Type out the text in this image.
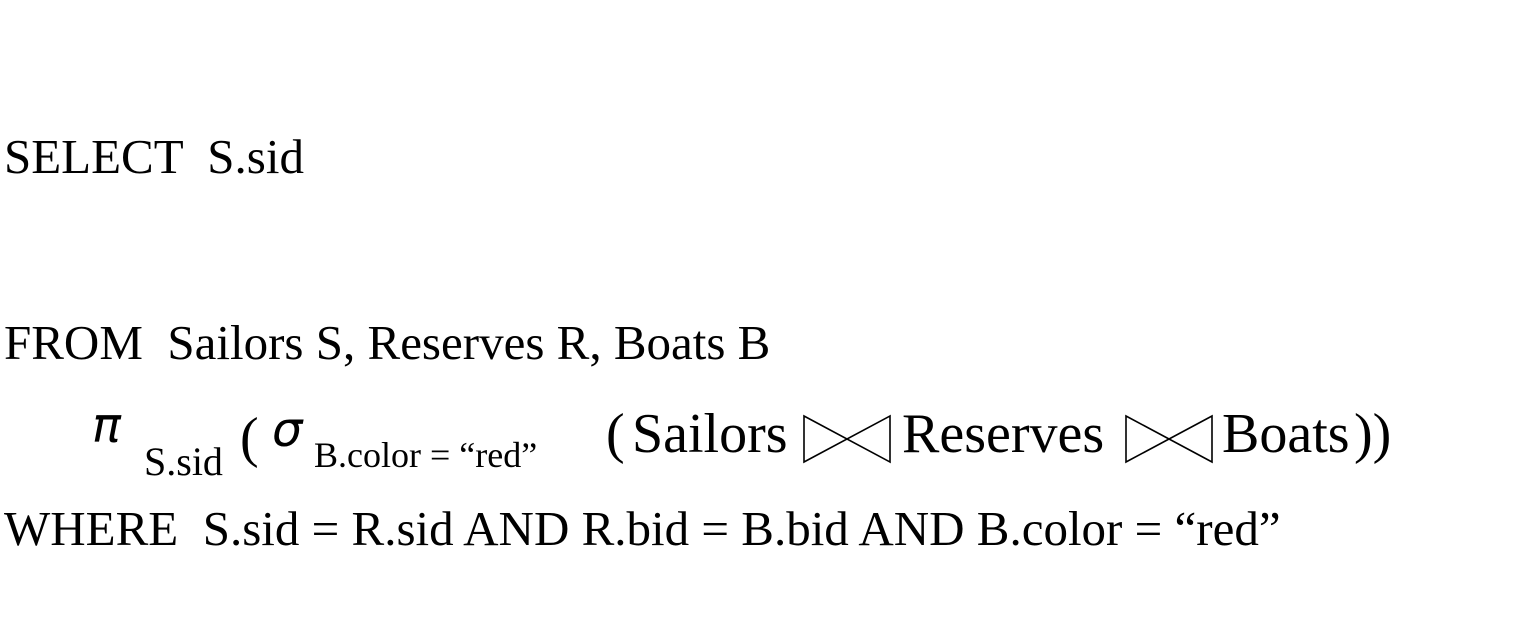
SELECT S.sid

FROM Sailors S, Reserves R, Boats B

WHERE S.sid = R.sid AND R.bid = B.bid AND B.color = “red”

π
S.sid ( σ B.color = “red” ( Sailors Reserves Boats ))
